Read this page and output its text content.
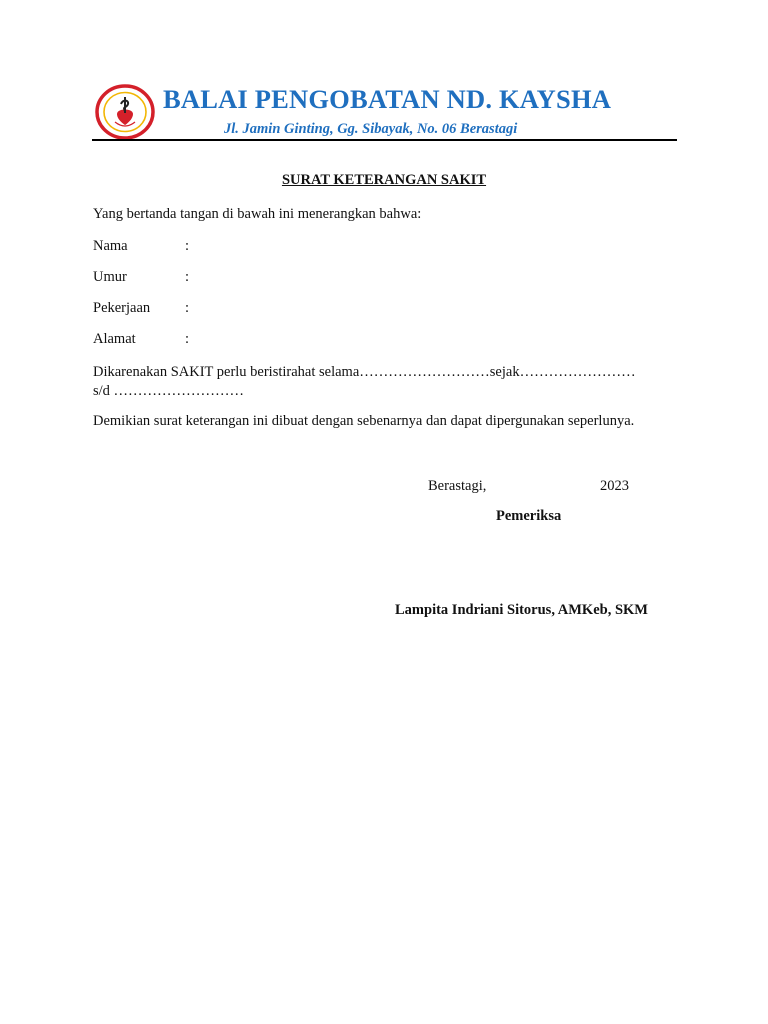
BALAI PENGOBATAN ND. KAYSHA

Jl. Jamin Ginting, Gg. Sibayak, No. 06 Berastagi

SURAT KETERANGAN SAKIT

Yang bertanda tangan di bawah ini menerangkan bahwa:

Nama	:
Umur	:
Pekerjaan :
Alamat	:

Dikarenakan SAKIT perlu beristirahat selama………………………sejak……………………

s/d ………………………

Demikian surat keterangan ini dibuat dengan sebenarnya dan dapat dipergunakan seperlunya.

Berastagi,	2023
Pemeriksa
Lampita Indriani Sitorus, AMKeb, SKM
